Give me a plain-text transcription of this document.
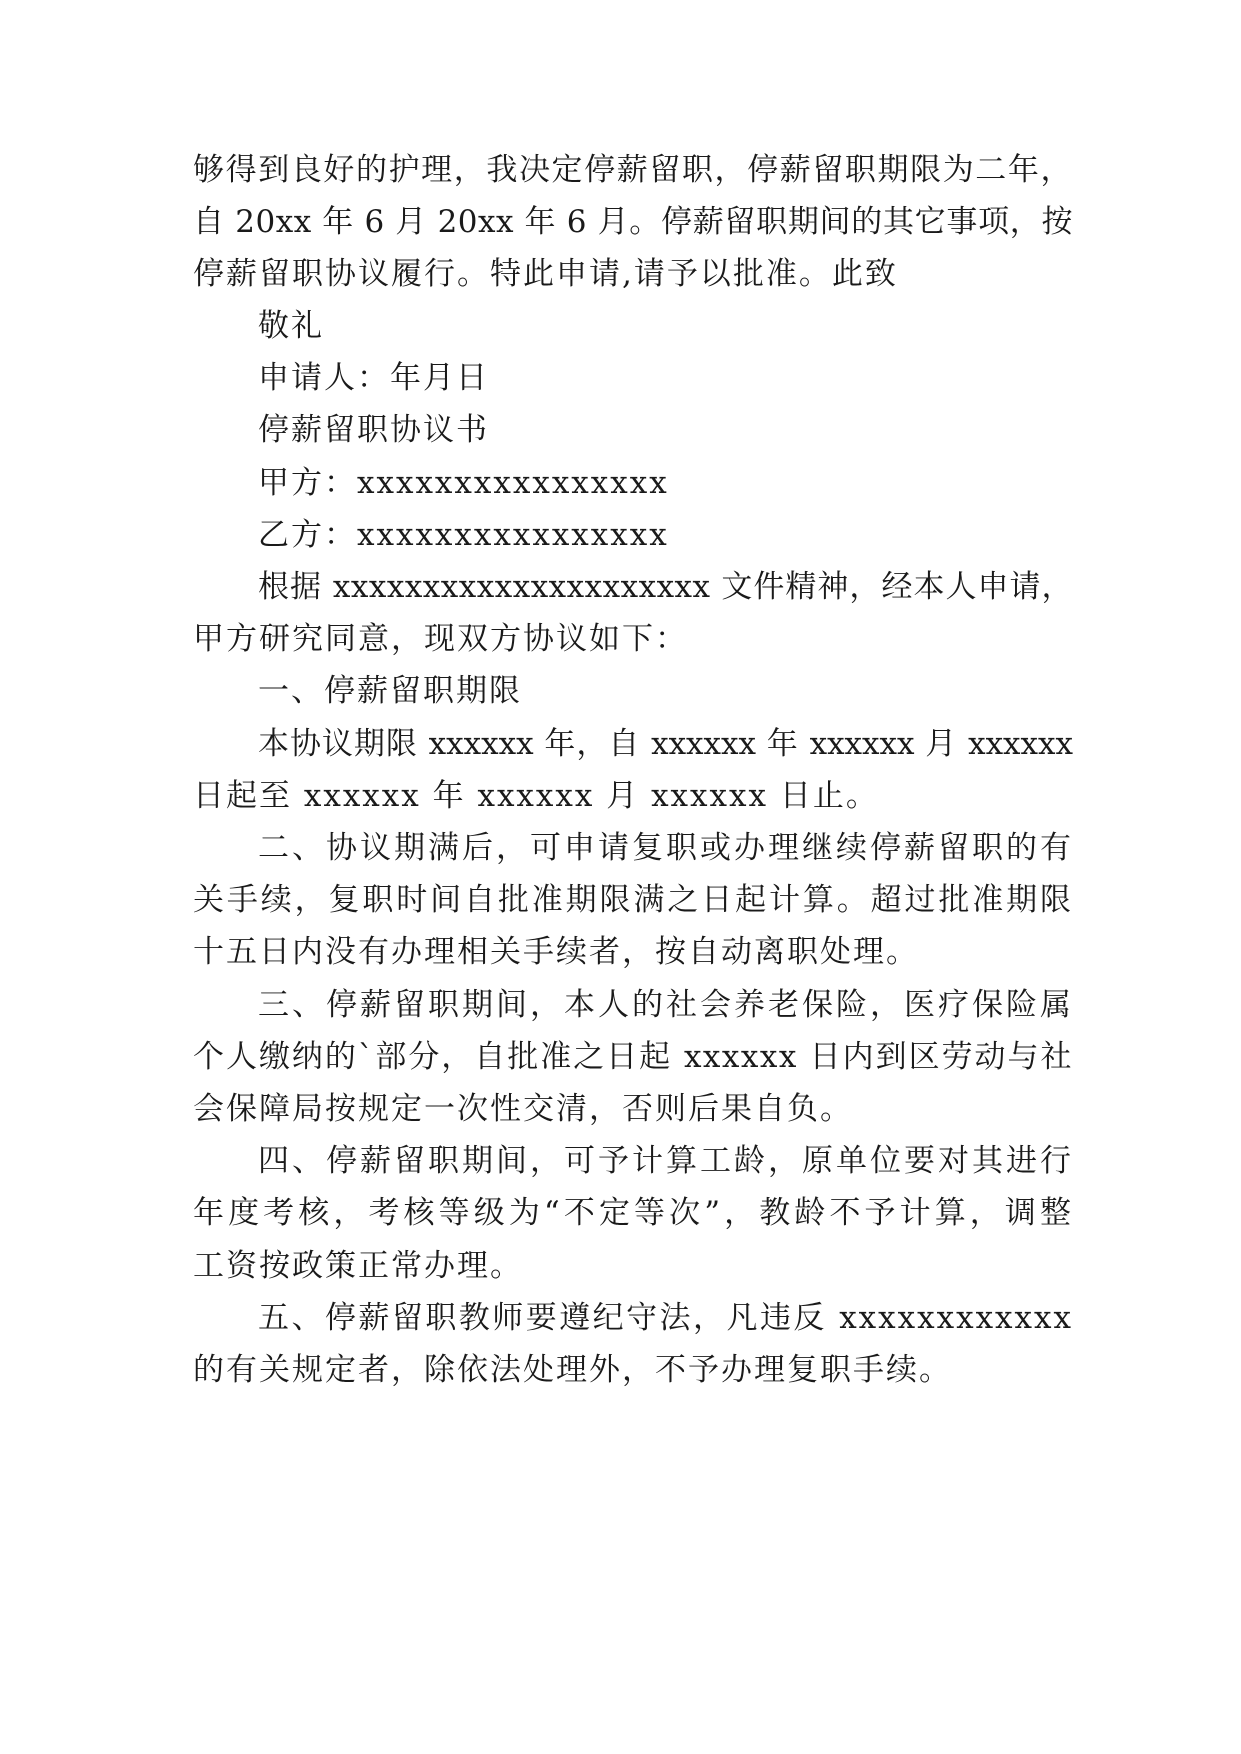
够得到良好的护理，我决定停薪留职，停薪留职期限为二年，
自 20xx 年 6 月 20xx 年 6 月。停薪留职期间的其它事项，按
停薪留职协议履行。特此申请,请予以批准。此致
敬礼
申请人：年月日
停薪留职协议书
甲方：xxxxxxxxxxxxxxxx
乙方：xxxxxxxxxxxxxxxx
根据 xxxxxxxxxxxxxxxxxxxxx 文件精神，经本人申请，
甲方研究同意，现双方协议如下：
一、停薪留职期限
本协议期限 xxxxxx 年，自 xxxxxx 年 xxxxxx 月 xxxxxx
日起至 xxxxxx 年 xxxxxx 月 xxxxxx 日止。
二、协议期满后，可申请复职或办理继续停薪留职的有
关手续，复职时间自批准期限满之日起计算。超过批准期限
十五日内没有办理相关手续者，按自动离职处理。
三、停薪留职期间，本人的社会养老保险，医疗保险属
个人缴纳的`部分，自批准之日起 xxxxxx 日内到区劳动与社
会保障局按规定一次性交清，否则后果自负。
四、停薪留职期间，可予计算工龄，原单位要对其进行
年度考核，考核等级为“不定等次”，教龄不予计算，调整
工资按政策正常办理。
五、停薪留职教师要遵纪守法，凡违反 xxxxxxxxxxxx
的有关规定者，除依法处理外，不予办理复职手续。
